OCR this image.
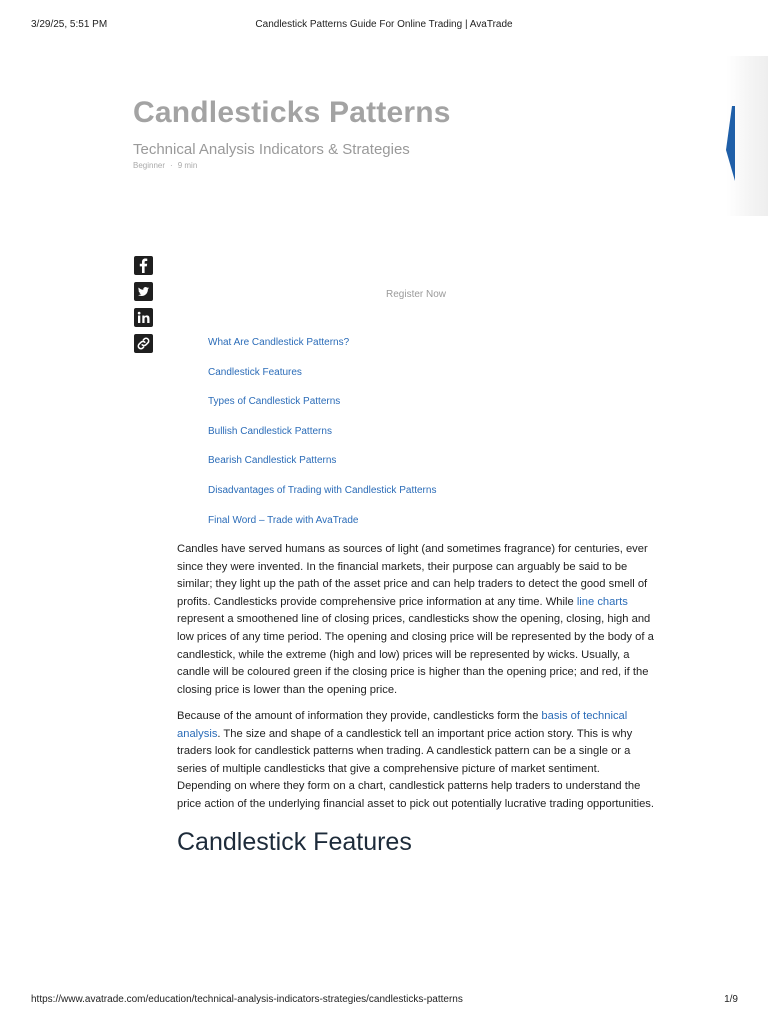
3/29/25, 5:51 PM	Candlestick Patterns Guide For Online Trading | AvaTrade
Candlesticks Patterns
Technical Analysis Indicators & Strategies
Beginner · 9 min
Register Now
What Are Candlestick Patterns?
Candlestick Features
Types of Candlestick Patterns
Bullish Candlestick Patterns
Bearish Candlestick Patterns
Disadvantages of Trading with Candlestick Patterns
Final Word – Trade with AvaTrade

Candles have served humans as sources of light (and sometimes fragrance) for centuries, ever since they were invented. In the financial markets, their purpose can arguably be said to be similar; they light up the path of the asset price and can help traders to detect the good smell of profits. Candlesticks provide comprehensive price information at any time. While line charts represent a smoothened line of closing prices, candlesticks show the opening, closing, high and low prices of any time period. The opening and closing price will be represented by the body of a candlestick, while the extreme (high and low) prices will be represented by wicks. Usually, a candle will be coloured green if the closing price is higher than the opening price; and red, if the closing price is lower than the opening price.

Because of the amount of information they provide, candlesticks form the basis of technical analysis. The size and shape of a candlestick tell an important price action story. This is why traders look for candlestick patterns when trading. A candlestick pattern can be a single or a series of multiple candlesticks that give a comprehensive picture of market sentiment. Depending on where they form on a chart, candlestick patterns help traders to understand the price action of the underlying financial asset to pick out potentially lucrative trading opportunities.

Candlestick Features
https://www.avatrade.com/education/technical-analysis-indicators-strategies/candlesticks-patterns	1/9
